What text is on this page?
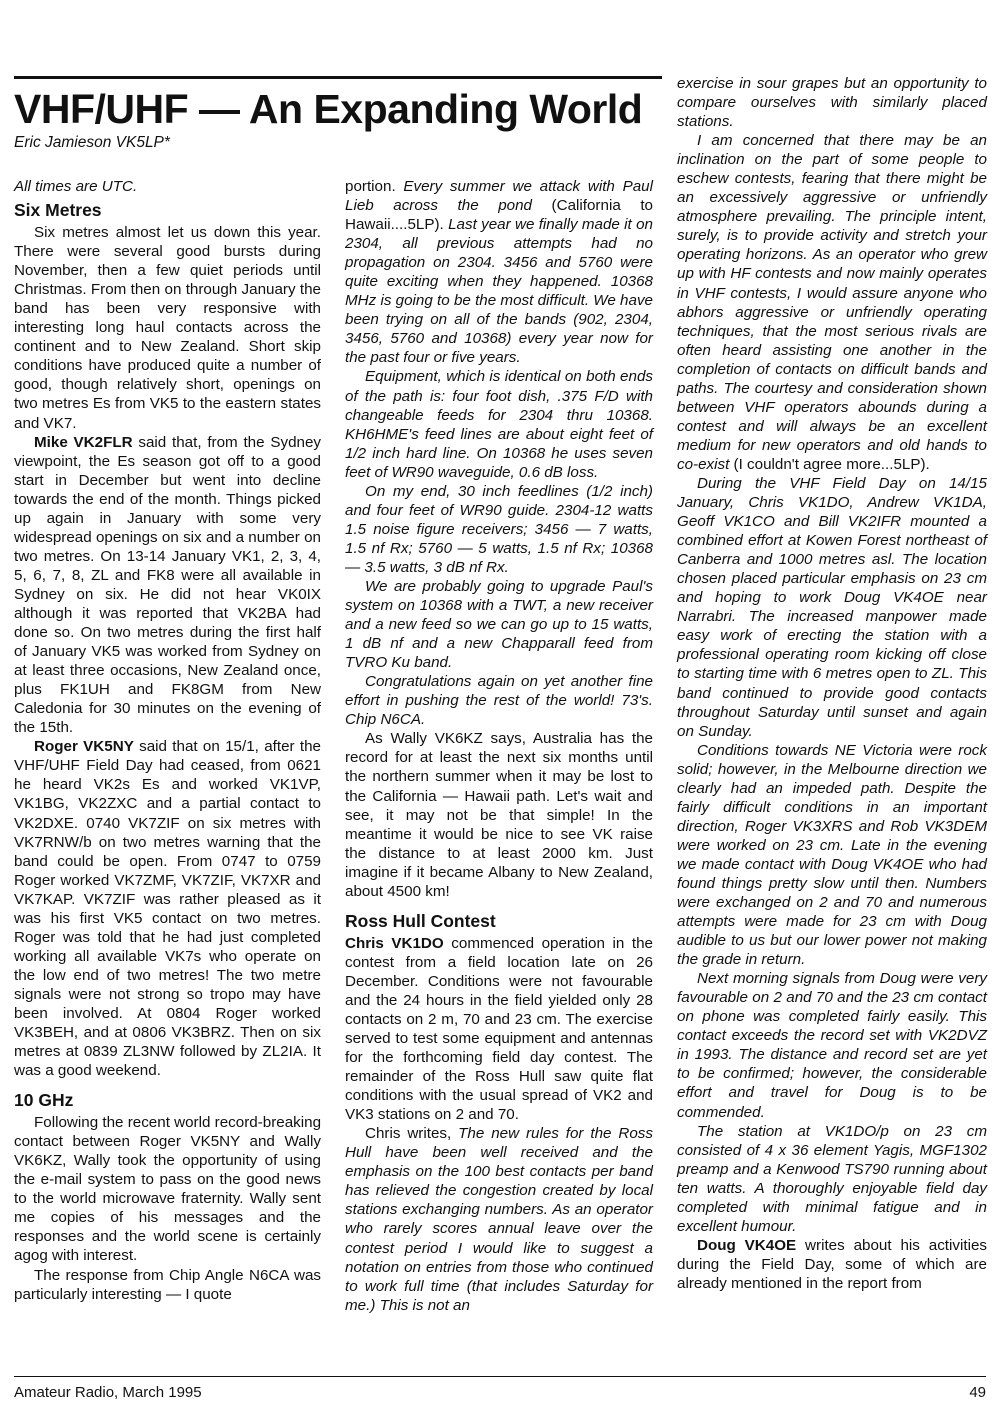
VHF/UHF — An Expanding World
Eric Jamieson VK5LP*

All times are UTC.

Six Metres

Six metres almost let us down this year. There were several good bursts during November, then a few quiet periods until Christmas. From then on through January the band has been very responsive with interesting long haul contacts across the continent and to New Zealand. Short skip conditions have produced quite a number of good, though relatively short, openings on two metres Es from VK5 to the eastern states and VK7.

Mike VK2FLR said that, from the Sydney viewpoint, the Es season got off to a good start in December but went into decline towards the end of the month. Things picked up again in January with some very widespread openings on six and a number on two metres. On 13-14 January VK1, 2, 3, 4, 5, 6, 7, 8, ZL and FK8 were all available in Sydney on six. He did not hear VK0IX although it was reported that VK2BA had done so. On two metres during the first half of January VK5 was worked from Sydney on at least three occasions, New Zealand once, plus FK1UH and FK8GM from New Caledonia for 30 minutes on the evening of the 15th.

Roger VK5NY said that on 15/1, after the VHF/UHF Field Day had ceased, from 0621 he heard VK2s Es and worked VK1VP, VK1BG, VK2ZXC and a partial contact to VK2DXE. 0740 VK7ZIF on six metres with VK7RNW/b on two metres warning that the band could be open. From 0747 to 0759 Roger worked VK7ZMF, VK7ZIF, VK7XR and VK7KAP. VK7ZIF was rather pleased as it was his first VK5 contact on two metres. Roger was told that he had just completed working all available VK7s who operate on the low end of two metres! The two metre signals were not strong so tropo may have been involved. At 0804 Roger worked VK3BEH, and at 0806 VK3BRZ. Then on six metres at 0839 ZL3NW followed by ZL2IA. It was a good weekend.

10 GHz

Following the recent world record-breaking contact between Roger VK5NY and Wally VK6KZ, Wally took the opportunity of using the e-mail system to pass on the good news to the world microwave fraternity. Wally sent me copies of his messages and the responses and the world scene is certainly agog with interest.

The response from Chip Angle N6CA was particularly interesting — I quote

portion. Every summer we attack with Paul Lieb across the pond (California to Hawaii....5LP). Last year we finally made it on 2304, all previous attempts had no propagation on 2304. 3456 and 5760 were quite exciting when they happened. 10368 MHz is going to be the most difficult. We have been trying on all of the bands (902, 2304, 3456, 5760 and 10368) every year now for the past four or five years.

Equipment, which is identical on both ends of the path is: four foot dish, .375 F/D with changeable feeds for 2304 thru 10368. KH6HME's feed lines are about eight feet of 1/2 inch hard line. On 10368 he uses seven feet of WR90 waveguide, 0.6 dB loss.

On my end, 30 inch feedlines (1/2 inch) and four feet of WR90 guide. 2304-12 watts 1.5 noise figure receivers; 3456 — 7 watts, 1.5 nf Rx; 5760 — 5 watts, 1.5 nf Rx; 10368 — 3.5 watts, 3 dB nf Rx.

We are probably going to upgrade Paul's system on 10368 with a TWT, a new receiver and a new feed so we can go up to 15 watts, 1 dB nf and a new Chapparall feed from TVRO Ku band.

Congratulations again on yet another fine effort in pushing the rest of the world! 73's. Chip N6CA.

As Wally VK6KZ says, Australia has the record for at least the next six months until the northern summer when it may be lost to the California — Hawaii path. Let's wait and see, it may not be that simple! In the meantime it would be nice to see VK raise the distance to at least 2000 km. Just imagine if it became Albany to New Zealand, about 4500 km!

Ross Hull Contest

Chris VK1DO commenced operation in the contest from a field location late on 26 December. Conditions were not favourable and the 24 hours in the field yielded only 28 contacts on 2 m, 70 and 23 cm. The exercise served to test some equipment and antennas for the forthcoming field day contest. The remainder of the Ross Hull saw quite flat conditions with the usual spread of VK2 and VK3 stations on 2 and 70.

Chris writes, The new rules for the Ross Hull have been well received and the emphasis on the 100 best contacts per band has relieved the congestion created by local stations exchanging numbers. As an operator who rarely scores annual leave over the contest period I would like to suggest a notation on entries from those who continued to work full time (that includes Saturday for me.) This is not an

exercise in sour grapes but an opportunity to compare ourselves with similarly placed stations.

I am concerned that there may be an inclination on the part of some people to eschew contests, fearing that there might be an excessively aggressive or unfriendly atmosphere prevailing. The principle intent, surely, is to provide activity and stretch your operating horizons. As an operator who grew up with HF contests and now mainly operates in VHF contests, I would assure anyone who abhors aggressive or unfriendly operating techniques, that the most serious rivals are often heard assisting one another in the completion of contacts on difficult bands and paths. The courtesy and consideration shown between VHF operators abounds during a contest and will always be an excellent medium for new operators and old hands to co-exist (I couldn't agree more...5LP).

During the VHF Field Day on 14/15 January, Chris VK1DO, Andrew VK1DA, Geoff VK1CO and Bill VK2IFR mounted a combined effort at Kowen Forest northeast of Canberra and 1000 metres asl. The location chosen placed particular emphasis on 23 cm and hoping to work Doug VK4OE near Narrabri. The increased manpower made easy work of erecting the station with a professional operating room kicking off close to starting time with 6 metres open to ZL. This band continued to provide good contacts throughout Saturday until sunset and again on Sunday.

Conditions towards NE Victoria were rock solid; however, in the Melbourne direction we clearly had an impeded path. Despite the fairly difficult conditions in an important direction, Roger VK3XRS and Rob VK3DEM were worked on 23 cm. Late in the evening we made contact with Doug VK4OE who had found things pretty slow until then. Numbers were exchanged on 2 and 70 and numerous attempts were made for 23 cm with Doug audible to us but our lower power not making the grade in return.

Next morning signals from Doug were very favourable on 2 and 70 and the 23 cm contact on phone was completed fairly easily. This contact exceeds the record set with VK2DVZ in 1993. The distance and record set are yet to be confirmed; however, the considerable effort and travel for Doug is to be commended.

The station at VK1DO/p on 23 cm consisted of 4 x 36 element Yagis, MGF1302 preamp and a Kenwood TS790 running about ten watts. A thoroughly enjoyable field day completed with minimal fatigue and in excellent humour.

Doug VK4OE writes about his activities during the Field Day, some of which are already mentioned in the report from

Amateur Radio, March 1995	49
